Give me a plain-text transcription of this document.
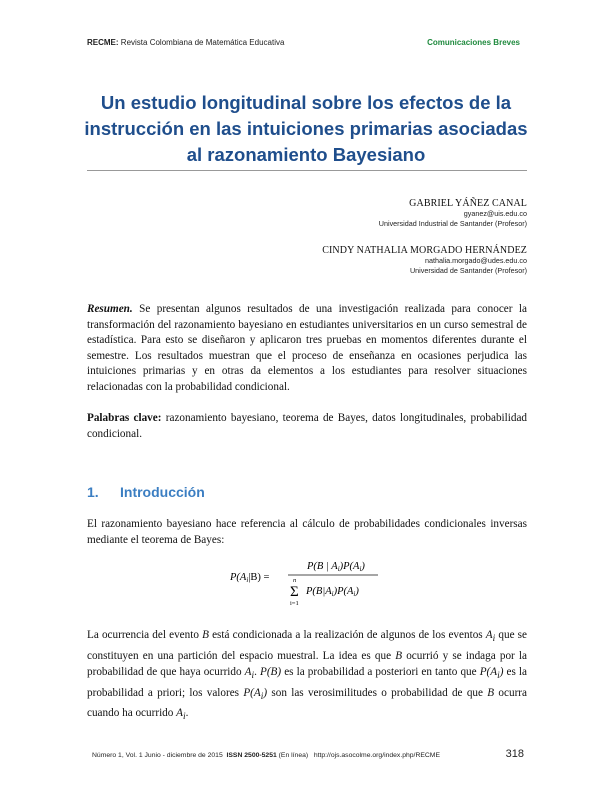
RECME: Revista Colombiana de Matemática Educativa	Comunicaciones Breves
Un estudio longitudinal sobre los efectos de la instrucción en las intuiciones primarias asociadas al razonamiento Bayesiano
GABRIEL YÁÑEZ CANAL
gyanez@uis.edu.co
Universidad Industrial de Santander (Profesor)
CINDY NATHALIA MORGADO HERNÁNDEZ
nathalia.morgado@udes.edu.co
Universidad de Santander (Profesor)
Resumen. Se presentan algunos resultados de una investigación realizada para conocer la transformación del razonamiento bayesiano en estudiantes universitarios en un curso semestral de estadística. Para esto se diseñaron y aplicaron tres pruebas en momentos diferentes durante el semestre. Los resultados muestran que el proceso de enseñanza en ocasiones perjudica las intuiciones primarias y en otras da elementos a los estudiantes para resolver situaciones relacionadas con la probabilidad condicional.
Palabras clave: razonamiento bayesiano, teorema de Bayes, datos longitudinales, probabilidad condicional.
1. Introducción
El razonamiento bayesiano hace referencia al cálculo de probabilidades condicionales inversas mediante el teorema de Bayes:
P(Ai|B) =
P(B | Ai)P(Ai)
n
Σ
i=1
P(B|Ai)P(Ai)
La ocurrencia del evento B está condicionada a la realización de algunos de los eventos $A_i$ que se constituyen en una partición del espacio muestral. La idea es que B ocurrió y se indaga por la probabilidad de que haya ocurrido $A_i$. P(B) es la probabilidad a posteriori en tanto que $P(A_i)$ es la probabilidad a priori; los valores $P(A_i)$ son las verosimilitudes o probabilidad de que B ocurra cuando ha ocurrido $A_i$.
Número 1, Vol. 1 Junio - diciembre de 2015 ISSN 2500-5251 (En línea) http://ojs.asocolme.org/index.php/RECME	318
